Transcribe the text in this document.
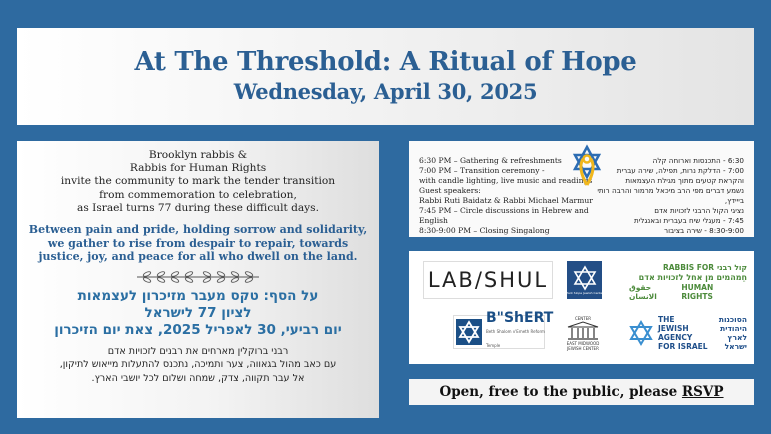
At The Threshold: A Ritual of Hope
Wednesday, April 30, 2025
Brooklyn rabbis &
Rabbis for Human Rights
invite the community to mark the tender transition
from commemoration to celebration,
as Israel turns 77 during these difficult days.
Between pain and pride, holding sorrow and solidarity,
we gather to rise from despair to repair, towards
justice, joy, and peace for all who dwell on the land.
על הסף: טקס מעבר מזיכרון לעצמאות
לציון 77 לישראל
יום רביעי, 30 לאפריל 2025, צאת יום הזיכרון
רבני ברוקלין מארחים את רבנים לזכויות אדם
עם כאב מהול בגאווה, צער ותמיכה, נתכנס להתעלות מייאוש לתיקון,
אל עבר תקווה, צדק, שמחה ושלום לכל יושבי הארץ.
6:30 PM – Gathering & refreshments
7:00 PM – Transition ceremony -
with candle lighting, live music and readings
Guest speakers:
Rabbi Ruti Baidatz & Rabbi Michael Marmur
7:45 PM – Circle discussions in Hebrew and English
8:30-9:00 PM – Closing Singalong
6:30 - התכנסות וארוחה קלה
7:00 - הדלקת נרות, תפילה, שירה עברית
והקראת קטעים מתוך מגילת העצמאות
נשמע דברים מפי הרב מיכאל מרמור והרבה רותי בייידץ,
נציגי הקול הרבני לזכויות אדם
7:45 - מעגלי שיח בעברית ובאנגלית
8:30-9:00 - שירה בציבור
LAB/SHUL
Park Slope Jewish Center
RABBIS FOR קול רבני
חֵמהמים מן אחל לזכויות אדם
حقوق الانسان
HUMAN RIGHTS
B"ShERT
Beth Shalom v'Emeth Reform Temple
CENTER
EAST MIDWOOD JEWISH CENTER
THE
JEWISH AGENCY
FOR ISRAEL
הסוכנות היהודית לארץ ישראל
Open, free to the public, please RSVP
